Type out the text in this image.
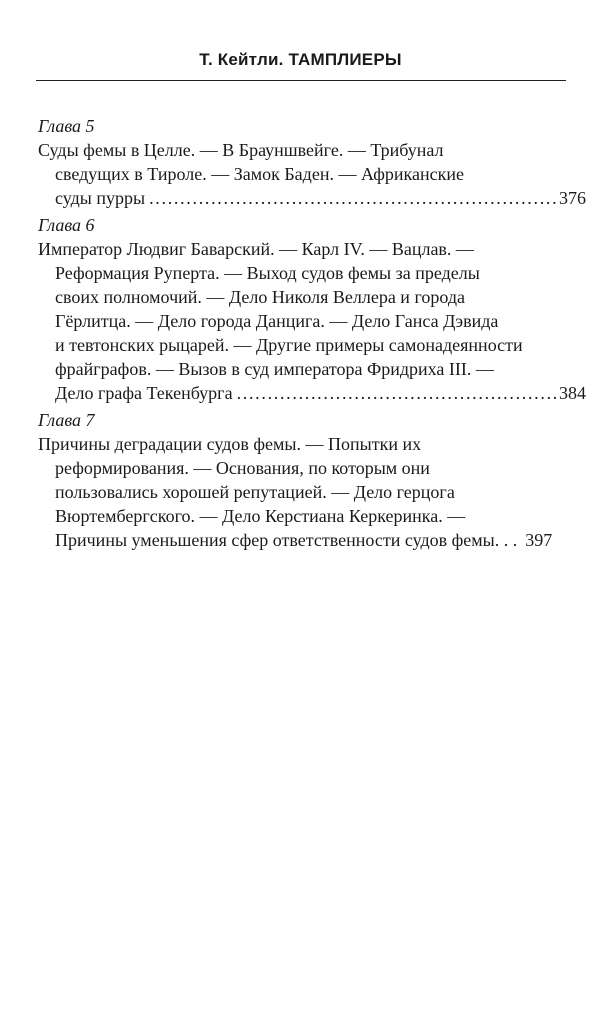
Т. Кейтли. ТАМПЛИЕРЫ
Глава 5
Суды фемы в Целле. — В Брауншвейге. — Трибунал
сведущих в Тироле. — Замок Баден. — Африканские
суды пурры . . .	376
Глава 6
Император Людвиг Баварский. — Карл IV. — Вацлав. —
Реформация Руперта. — Выход судов фемы за пределы
своих полномочий. — Дело Николя Веллера и города
Гёрлитца. — Дело города Данцига. — Дело Ганса Дэвида
и тевтонских рыцарей. — Другие примеры самонадеянности
фрайграфов. — Вызов в суд императора Фридриха III. —
Дело графа Текенбурга . . .	384
Глава 7
Причины деградации судов фемы. — Попытки их
реформирования. — Основания, по которым они
пользовались хорошей репутацией. — Дело герцога
Вюртембергского. — Дело Керстиана Керкеринка. —
Причины уменьшения сфер ответственности судов фемы. . . 397
